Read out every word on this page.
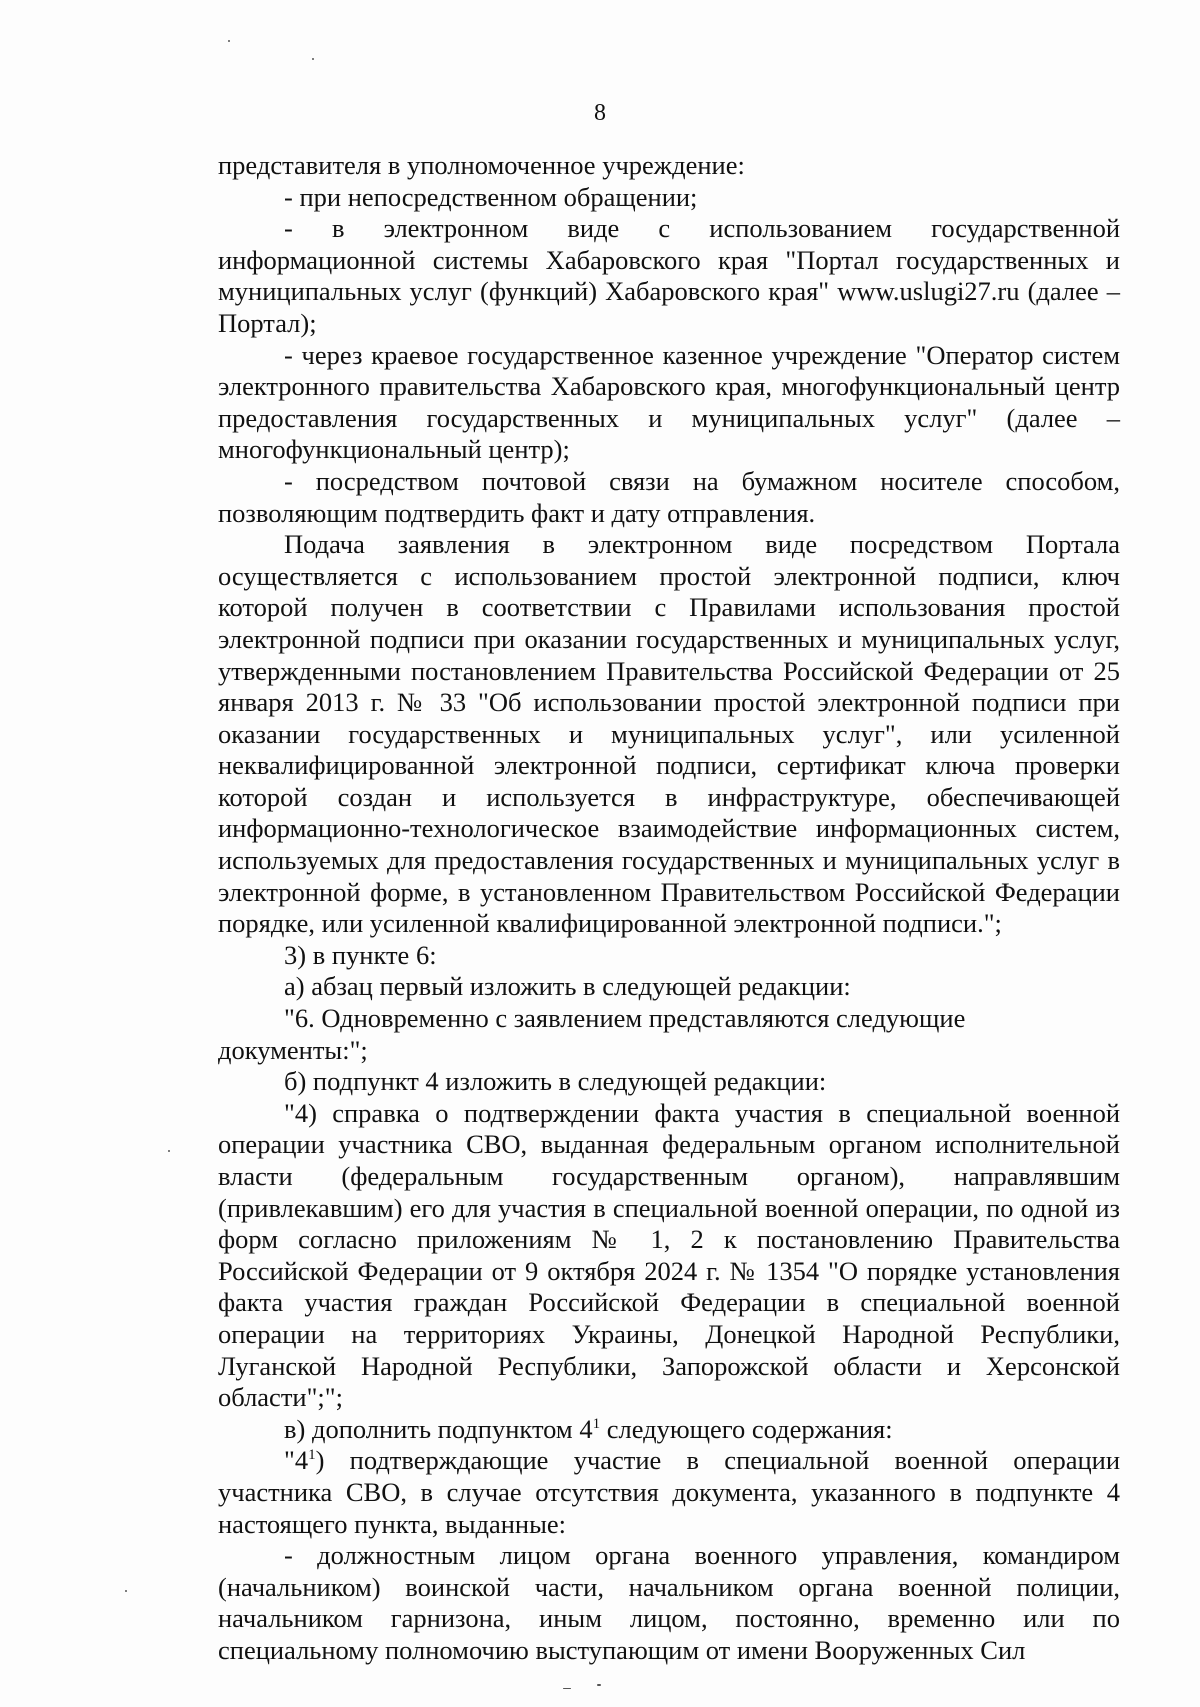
8

представителя в уполномоченное учреждение:

- при непосредственном обращении;

- в электронном виде с использованием государственной информационной системы Хабаровского края "Портал государственных и муниципальных услуг (функций) Хабаровского края" www.uslugi27.ru (далее – Портал);

- через краевое государственное казенное учреждение "Оператор систем электронного правительства Хабаровского края, многофункциональный центр предоставления государственных и муниципальных услуг" (далее – многофункциональный центр);

- посредством почтовой связи на бумажном носителе способом, позволяющим подтвердить факт и дату отправления.

Подача заявления в электронном виде посредством Портала осуществляется с использованием простой электронной подписи, ключ которой получен в соответствии с Правилами использования простой электронной подписи при оказании государственных и муниципальных услуг, утвержденными постановлением Правительства Российской Федерации от 25 января 2013 г. № 33 "Об использовании простой электронной подписи при оказании государственных и муниципальных услуг", или усиленной неквалифицированной электронной подписи, сертификат ключа проверки которой создан и используется в инфраструктуре, обеспечивающей информационно-технологическое взаимодействие информационных систем, используемых для предоставления государственных и муниципальных услуг в электронной форме, в установленном Правительством Российской Федерации порядке, или усиленной квалифицированной электронной подписи.";

3) в пункте 6:

а) абзац первый изложить в следующей редакции:

"6. Одновременно с заявлением представляются следующие документы:";

б) подпункт 4 изложить в следующей редакции:

"4) справка о подтверждении факта участия в специальной военной операции участника СВО, выданная федеральным органом исполнительной власти (федеральным государственным органом), направлявшим (привлекавшим) его для участия в специальной военной операции, по одной из форм согласно приложениям № 1, 2 к постановлению Правительства Российской Федерации от 9 октября 2024 г. № 1354 "О порядке установления факта участия граждан Российской Федерации в специальной военной операции на территориях Украины, Донецкой Народной Республики, Луганской Народной Республики, Запорожской области и Херсонской области";";

в) дополнить подпунктом $4^1$ следующего содержания:

"$4^1$) подтверждающие участие в специальной военной операции участника СВО, в случае отсутствия документа, указанного в подпункте 4 настоящего пункта, выданные:

- должностным лицом органа военного управления, командиром (начальником) воинской части, начальником органа военной полиции, начальником гарнизона, иным лицом, постоянно, временно или по специальному полномочию выступающим от имени Вооруженных Сил
